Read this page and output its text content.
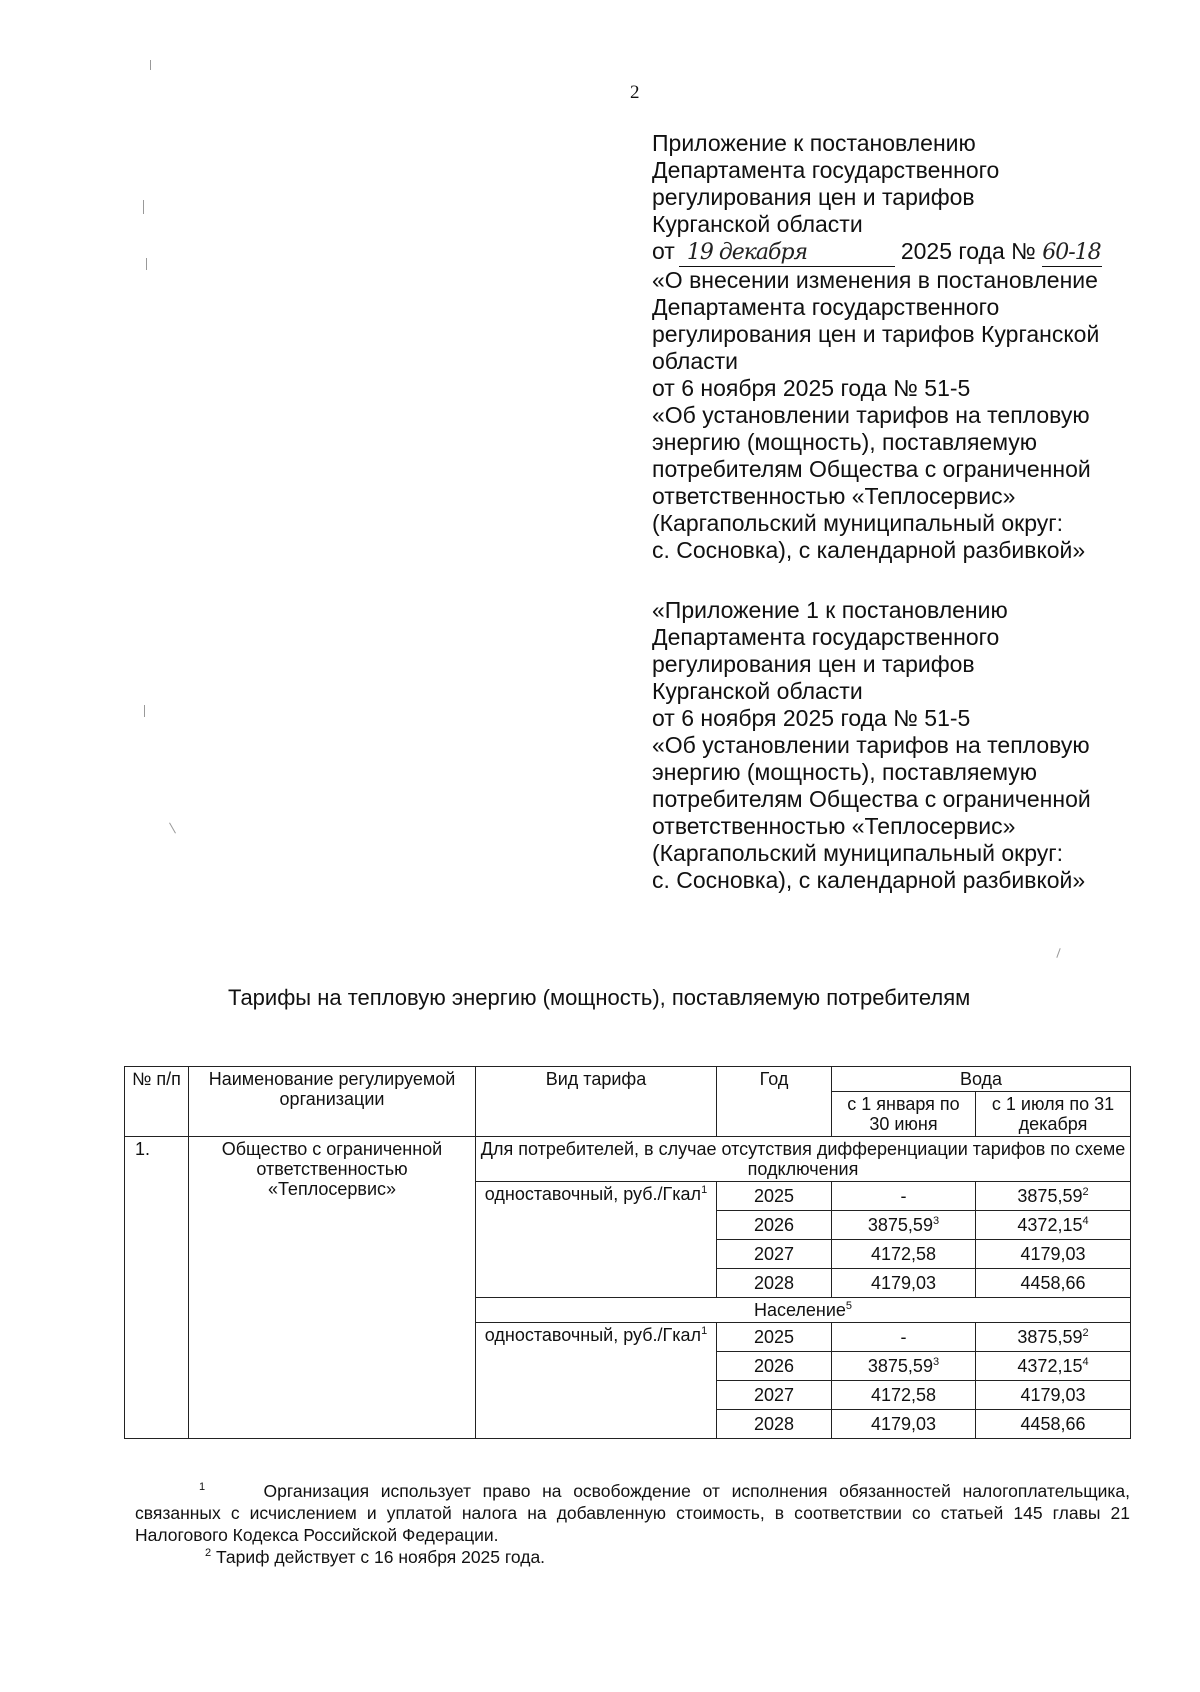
2
Приложение к постановлению
Департамента государственного
регулирования цен и тарифов
Курганской области
от 19 декабря	2025 года № 60-18
«О внесении изменения в постановление
Департамента государственного
регулирования цен и тарифов Курганской
области
от 6 ноября 2025 года № 51-5
«Об установлении тарифов на тепловую
энергию (мощность), поставляемую
потребителям Общества с ограниченной
ответственностью «Теплосервис»
(Каргапольский муниципальный округ:
с. Сосновка), с календарной разбивкой»
«Приложение 1 к постановлению
Департамента государственного
регулирования цен и тарифов
Курганской области
от 6 ноября 2025 года № 51-5
«Об установлении тарифов на тепловую
энергию (мощность), поставляемую
потребителям Общества с ограниченной
ответственностью «Теплосервис»
(Каргапольский муниципальный округ:
с. Сосновка), с календарной разбивкой»
Тарифы на тепловую энергию (мощность), поставляемую потребителям
№ п/п	Наименование регулируемой организации	Вид тарифа	Год	Вода	
				с 1 января по 30 июня	с 1 июля по 31 декабря
1.	Общество с ограниченной ответственностью «Теплосервис»	Для потребителей, в случае отсутствия дифференциации тарифов по схеме подключения			
		одноставочный, руб./Гкал$^1$	2025	-	3875,59$^2$
			2026	3875,59$^3$	4372,15$^4$
			2027	4172,58	4179,03
			2028	4179,03	4458,66
		Население$^5$
		одноставочный, руб./Гкал$^1$	2025	-	3875,59$^2$
			2026	3875,59$^3$	4372,15$^4$
			2027	4172,58	4179,03
			2028	4179,03	4458,66
$^1$	Организация использует право на освобождение от исполнения обязанностей налогоплательщика, связанных с исчислением и уплатой налога на добавленную стоимость, в соответствии со статьей 145 главы 21 Налогового Кодекса Российской Федерации.
$^2$ Тариф действует с 16 ноября 2025 года.
